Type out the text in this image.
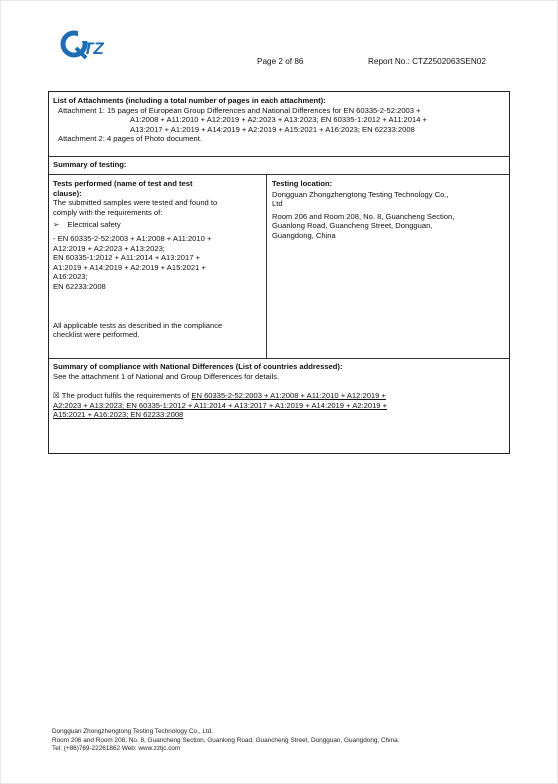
TZ
Page 2 of 86	Report No.: CTZ2502063SEN02
List of Attachments (including a total number of pages in each attachment):
Attachment 1: 15 pages of European Group Differences and National Differences for EN 60335-2-52:2003 +
A1:2008 + A11:2010 + A12:2019 + A2:2023 + A13:2023; EN 60335-1:2012 + A11:2014 +
A13:2017 + A1:2019 + A14:2019 + A2:2019 + A15:2021 + A16:2023; EN 62233:2008
Attachment 2: 4 pages of Photo document.
Summary of testing:
Tests performed (name of test and test
clause):
The submitted samples were tested and found to
comply with the requirements of:
➢ Electrical safety
- EN 60335-2-52:2003 + A1:2008 + A11:2010 +
A12:2019 + A2:2023 + A13:2023;
EN 60335-1:2012 + A11:2014 + A13:2017 +
A1:2019 + A14:2019 + A2:2019 + A15:2021 +
A16:2023;
EN 62233:2008
All applicable tests as described in the compliance
checklist were performed.
Testing location:
Dongguan Zhongzhengtong Testing Technology Co.,
Ltd
Room 206 and Room 208, No. 8, Guancheng Section,
Guanlong Road, Guancheng Street, Dongguan,
Guangdong, China
Summary of compliance with National Differences (List of countries addressed):
See the attachment 1 of National and Group Differences for details.
☒ The product fulfils the requirements of EN 60335-2-52:2003 + A1:2008 + A11:2010 + A12:2019 +
A2:2023 + A13:2023; EN 60335-1:2012 + A11:2014 + A13:2017 + A1:2019 + A14:2019 + A2:2019 +
A15:2021 + A16:2023; EN 62233:2008
Dongguan Zhongzhengtong Testing Technology Co., Ltd.
Room 206 and Room 208, No. 8, Guancheng Section, Guanlong Road, Guancheng Street, Dongguan, Guangdong, China.
Tel: (+86)769-22261862 Web: www.zztjc.com
